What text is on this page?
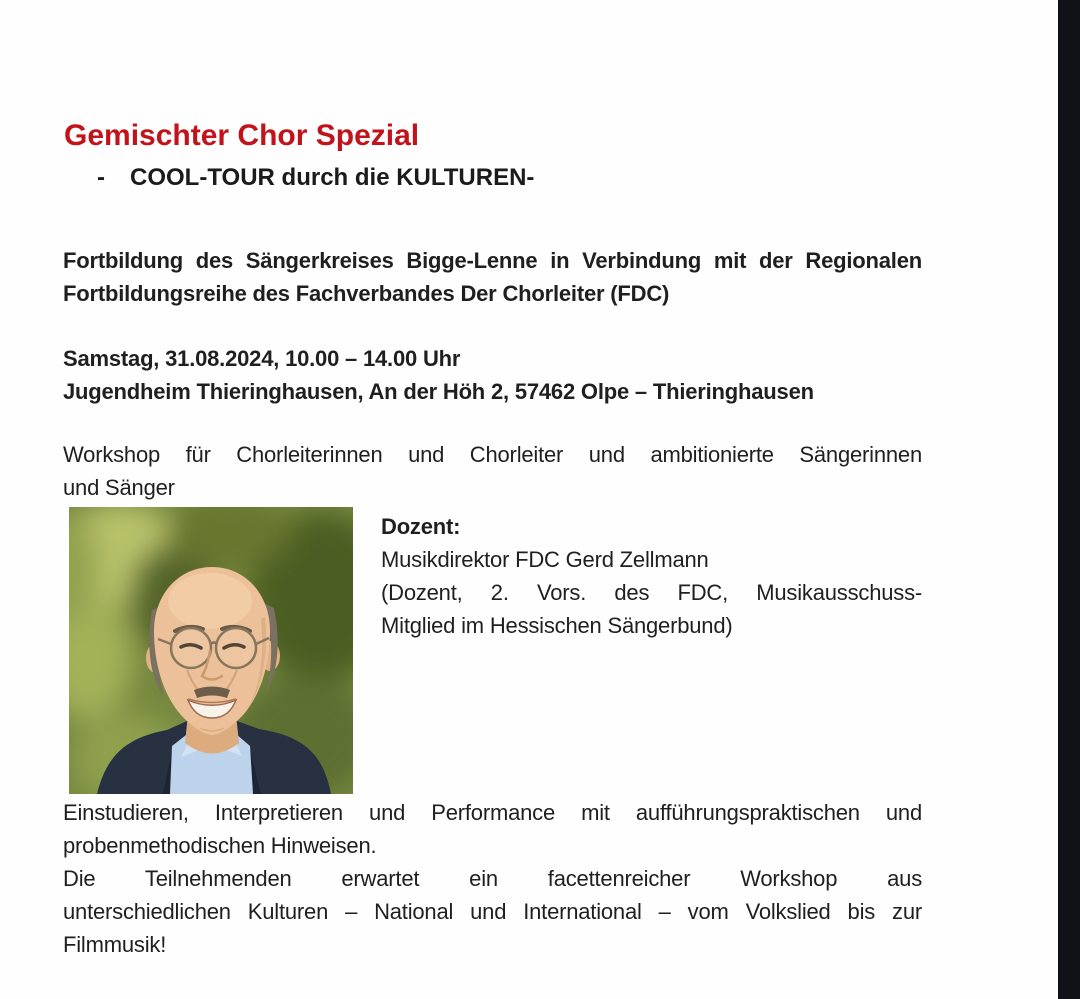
Gemischter Chor Spezial
- COOL-TOUR durch die KULTUREN-
Fortbildung des Sängerkreises Bigge-Lenne in Verbindung mit der Regionalen
Fortbildungsreihe des Fachverbandes Der Chorleiter (FDC)
Samstag, 31.08.2024, 10.00 – 14.00 Uhr
Jugendheim Thieringhausen, An der Höh 2, 57462 Olpe – Thieringhausen
Workshop für Chorleiterinnen und Chorleiter und ambitionierte Sängerinnen
und Sänger
Dozent:
Musikdirektor FDC Gerd Zellmann
(Dozent, 2. Vors. des FDC, Musikausschuss-
Mitglied im Hessischen Sängerbund)
Einstudieren, Interpretieren und Performance mit aufführungspraktischen und
probenmethodischen Hinweisen.
Die Teilnehmenden erwartet ein facettenreicher Workshop aus
unterschiedlichen Kulturen – National und International – vom Volkslied bis zur
Filmmusik!
